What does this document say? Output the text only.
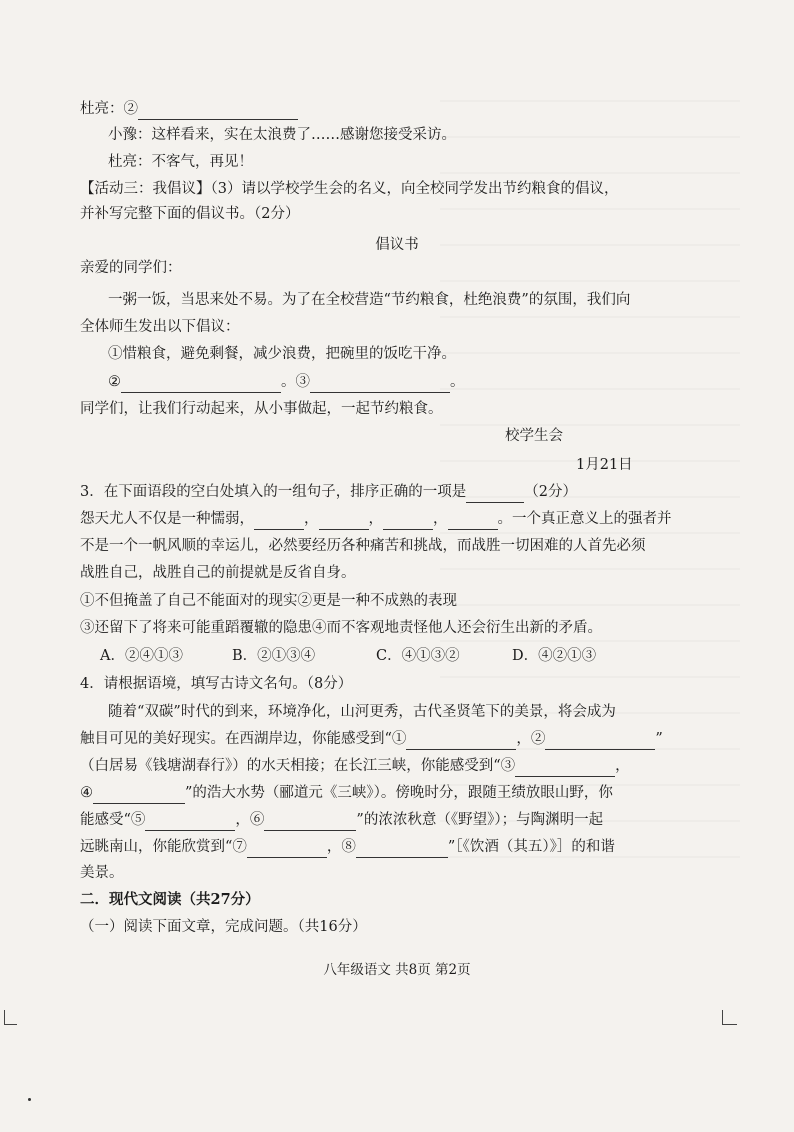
杜亮：②
小豫：这样看来，实在太浪费了……感谢您接受采访。
杜亮：不客气，再见！
【活动三：我倡议】（3）请以学校学生会的名义，向全校同学发出节约粮食的倡议，
并补写完整下面的倡议书。（2分）
倡议书
亲爱的同学们：
一粥一饭，当思来处不易。为了在全校营造“节约粮食，杜绝浪费”的氛围，我们向
全体师生发出以下倡议：
①惜粮食，避免剩餐，减少浪费，把碗里的饭吃干净。
②	。③	。
同学们，让我们行动起来，从小事做起，一起节约粮食。
校学生会
1月21日
3．在下面语段的空白处填入的一组句子，排序正确的一项是	（2分）
怨天尤人不仅是一种懦弱，	，	，	，	。一个真正意义上的强者并
不是一个一帆风顺的幸运儿，必然要经历各种痛苦和挑战，而战胜一切困难的人首先必须
战胜自己，战胜自己的前提就是反省自身。
①不但掩盖了自己不能面对的现实②更是一种不成熟的表现
③还留下了将来可能重蹈覆辙的隐患④而不客观地责怪他人还会衍生出新的矛盾。
A．②④①③	B．②①③④	C．④①③②	D．④②①③
4．请根据语境，填写古诗文名句。（8分）
随着“双碳”时代的到来，环境净化，山河更秀，古代圣贤笔下的美景，将会成为
触目可见的美好现实。在西湖岸边，你能感受到“①	，②	”
（白居易《钱塘湖春行》）的水天相接；在长江三峡，你能感受到“③	，
④	”的浩大水势（郦道元《三峡》）。傍晚时分，跟随王绩放眼山野，你
能感受“⑤	，⑥	”的浓浓秋意（《野望》）；与陶渊明一起
远眺南山，你能欣赏到“⑦	，⑧	”［《饮酒（其五）》］的和谐
美景。
二．现代文阅读（共27分）
（一）阅读下面文章，完成问题。（共16分）
八年级语文 共8页 第2页
